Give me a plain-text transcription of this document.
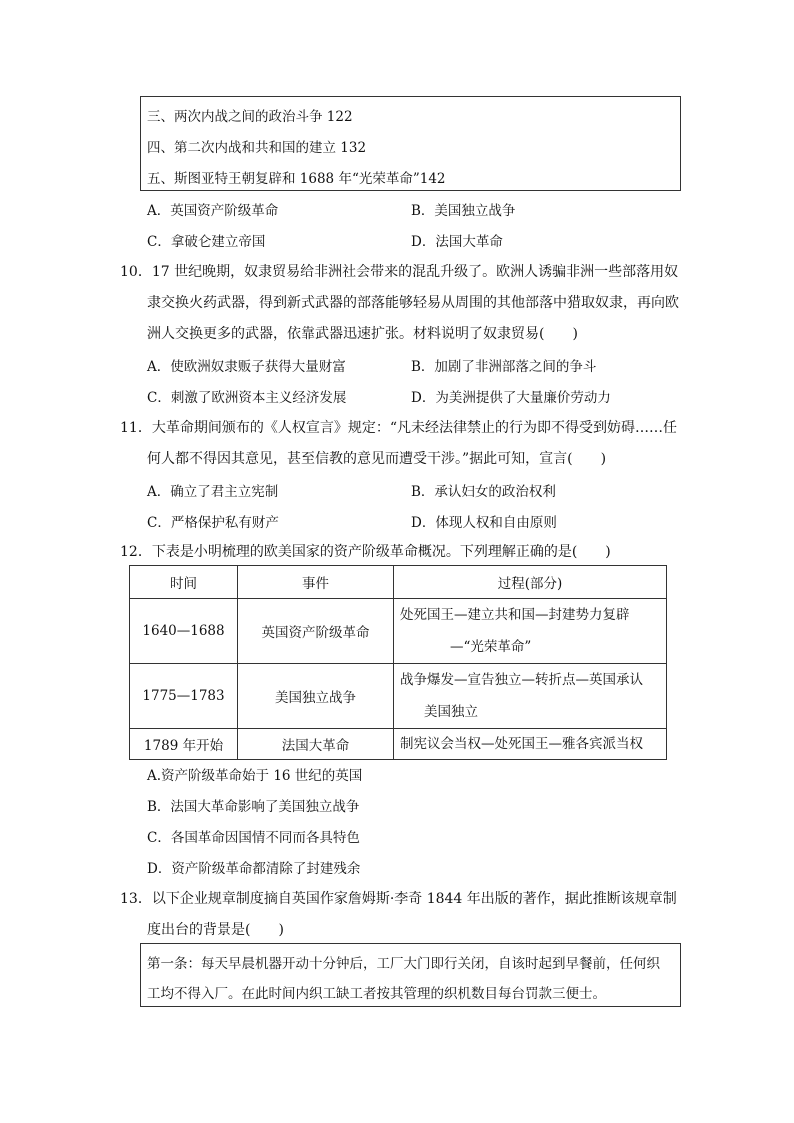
三、两次内战之间的政治斗争 122
四、第二次内战和共和国的建立 132
五、斯图亚特王朝复辟和 1688 年“光荣革命”142
A．英国资产阶级革命	B．美国独立战争
C．拿破仑建立帝国	D．法国大革命
10．17 世纪晚期，奴隶贸易给非洲社会带来的混乱升级了。欧洲人诱骗非洲一些部落用奴
隶交换火药武器，得到新式武器的部落能够轻易从周围的其他部落中猎取奴隶，再向欧
洲人交换更多的武器，依靠武器迅速扩张。材料说明了奴隶贸易(　　)
A．使欧洲奴隶贩子获得大量财富	B．加剧了非洲部落之间的争斗
C．刺激了欧洲资本主义经济发展	D．为美洲提供了大量廉价劳动力
11．大革命期间颁布的《人权宣言》规定：“凡未经法律禁止的行为即不得受到妨碍……任
何人都不得因其意见，甚至信教的意见而遭受干涉。”据此可知，宣言(　　)
A．确立了君主立宪制	B．承认妇女的政治权利
C．严格保护私有财产	D．体现人权和自由原则
12．下表是小明梳理的欧美国家的资产阶级革命概况。下列理解正确的是(　　)
时间	事件	过程(部分)
1640—1688	英国资产阶级革命	处死国王—建立共和国—封建势力复辟
—“光荣革命”

1775—1783	美国独立战争	战争爆发—宣告独立—转折点—英国承认
美国独立

1789 年开始	法国大革命	制宪议会当权—处死国王—雅各宾派当权
A.资产阶级革命始于 16 世纪的英国
B．法国大革命影响了美国独立战争
C．各国革命因国情不同而各具特色
D．资产阶级革命都清除了封建残余
13．以下企业规章制度摘自英国作家詹姆斯·李奇 1844 年出版的著作，据此推断该规章制
度出台的背景是(　　)
第一条：每天早晨机器开动十分钟后，工厂大门即行关闭，自该时起到早餐前，任何织
工均不得入厂。在此时间内织工缺工者按其管理的织机数目每台罚款三便士。
